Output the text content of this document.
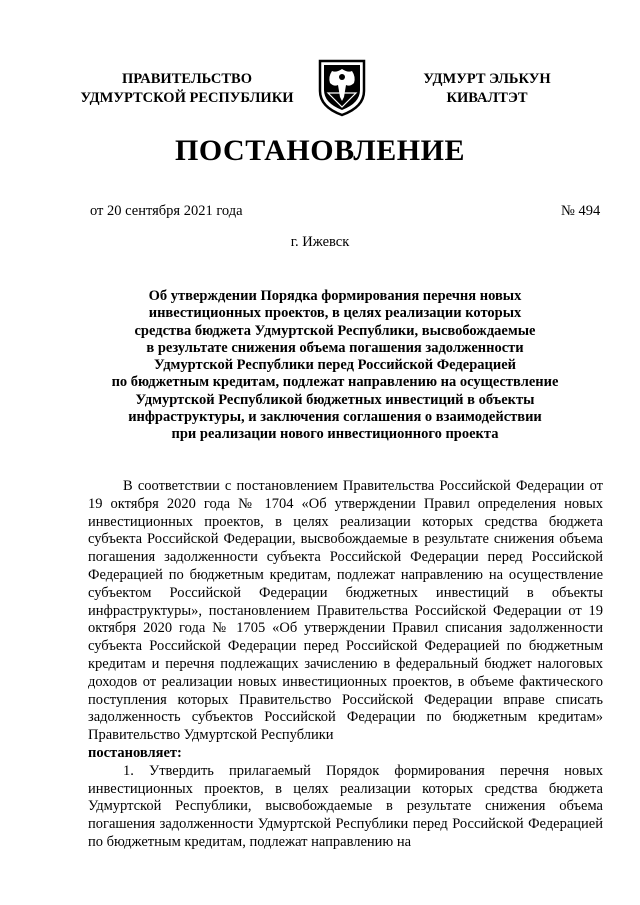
ПРАВИТЕЛЬСТВО
УДМУРТСКОЙ РЕСПУБЛИКИ
УДМУРТ ЭЛЬКУН
КИВАЛТЭТ
ПОСТАНОВЛЕНИЕ
от 20 сентября 2021 года	№ 494
г. Ижевск
Об утверждении Порядка формирования перечня новых
инвестиционных проектов, в целях реализации которых
средства бюджета Удмуртской Республики, высвобождаемые
в результате снижения объема погашения задолженности
Удмуртской Республики перед Российской Федерацией
по бюджетным кредитам, подлежат направлению на осуществление
Удмуртской Республикой бюджетных инвестиций в объекты
инфраструктуры, и заключения соглашения о взаимодействии
при реализации нового инвестиционного проекта

В соответствии с постановлением Правительства Российской Федерации от 19 октября 2020 года № 1704 «Об утверждении Правил определения новых инвестиционных проектов, в целях реализации которых средства бюджета субъекта Российской Федерации, высвобождаемые в результате снижения объема погашения задолженности субъекта Российской Федерации перед Российской Федерацией по бюджетным кредитам, подлежат направлению на осуществление субъектом Российской Федерации бюджетных инвестиций в объекты инфраструктуры», постановлением Правительства Российской Федерации от 19 октября 2020 года № 1705 «Об утверждении Правил списания задолженности субъекта Российской Федерации перед Российской Федерацией по бюджетным кредитам и перечня подлежащих зачислению в федеральный бюджет налоговых доходов от реализации новых инвестиционных проектов, в объеме фактического поступления которых Правительство Российской Федерации вправе списать задолженность субъектов Российской Федерации по бюджетным кредитам» Правительство Удмуртской Республики

постановляет:

1. Утвердить прилагаемый Порядок формирования перечня новых инвестиционных проектов, в целях реализации которых средства бюджета Удмуртской Республики, высвобождаемые в результате снижения объема погашения задолженности Удмуртской Республики перед Российской Федерацией по бюджетным кредитам, подлежат направлению на
